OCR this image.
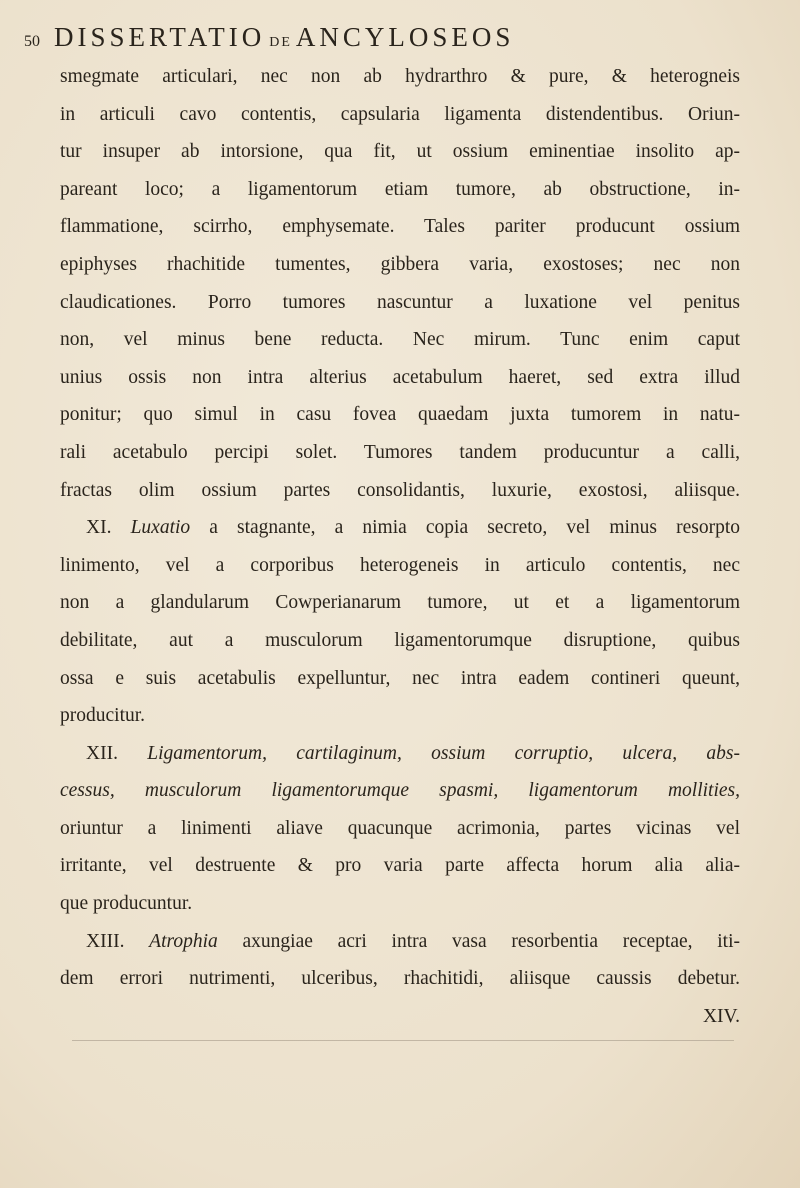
50 DISSERTATIO DE ANCYLOSEOS
smegmate articulari, nec non ab hydrarthro & pure, & heterogneis
in articuli cavo contentis, capsularia ligamenta distendentibus. Oriun-
tur insuper ab intorsione, qua fit, ut ossium eminentiae insolito ap-
pareant loco; a ligamentorum etiam tumore, ab obstructione, in-
flammatione, scirrho, emphysemate. Tales pariter producunt ossium
epiphyses rhachitide tumentes, gibbera varia, exostoses; nec non
claudicationes. Porro tumores nascuntur a luxatione vel penitus
non, vel minus bene reducta. Nec mirum. Tunc enim caput
unius ossis non intra alterius acetabulum haeret, sed extra illud
ponitur; quo simul in casu fovea quaedam juxta tumorem in natu-
rali acetabulo percipi solet. Tumores tandem producuntur a calli,
fractas olim ossium partes consolidantis, luxurie, exostosi, aliisque.
XI. Luxatio a stagnante, a nimia copia secreto, vel minus resorpto
linimento, vel a corporibus heterogeneis in articulo contentis, nec
non a glandularum Cowperianarum tumore, ut et a ligamentorum
debilitate, aut a musculorum ligamentorumque disruptione, quibus
ossa e suis acetabulis expelluntur, nec intra eadem contineri queunt,
producitur.
XII. Ligamentorum, cartilaginum, ossium corruptio, ulcera, abs-
cessus, musculorum ligamentorumque spasmi, ligamentorum mollities,
oriuntur a linimenti aliave quacunque acrimonia, partes vicinas vel
irritante, vel destruente & pro varia parte affecta horum alia alia-
que producuntur.
XIII. Atrophia axungiae acri intra vasa resorbentia receptae, iti-
dem errori nutrimenti, ulceribus, rhachitidi, aliisque caussis debetur.
XIV.
